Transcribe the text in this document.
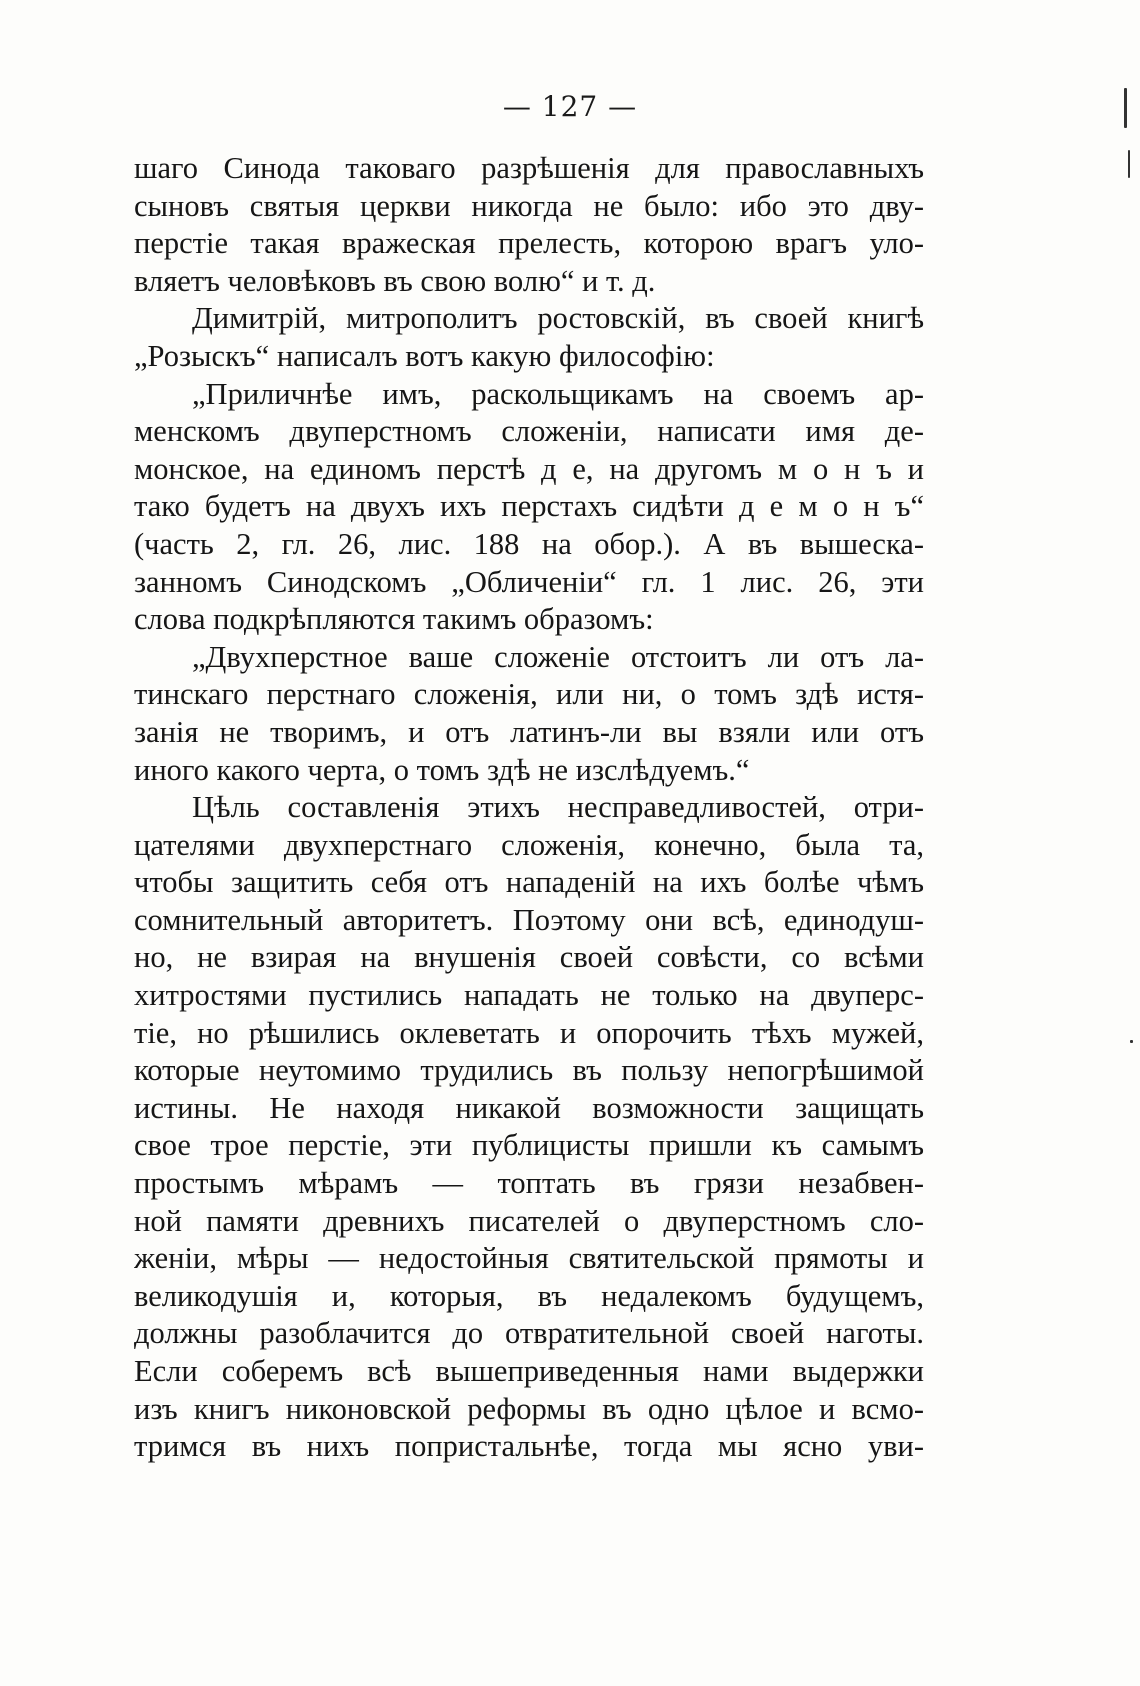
— 127 —

шаго Синода таковаго разрѣшенія для православныхъ
сыновъ святыя церкви никогда не было: ибо это дву-
перстіе такая вражеская прелесть, которою врагъ уло-
вляетъ человѣковъ въ свою волю“ и т. д.

Димитрій, митрополитъ ростовскій, въ своей книгѣ
„Розыскъ“ написалъ вотъ какую философію:

„Приличнѣе имъ, раскольщикамъ на своемъ ар-
менскомъ двуперстномъ сложеніи, написати имя де-
монское, на единомъ перстѣ д е, на другомъ м о н ъ и
тако будетъ на двухъ ихъ перстахъ сидѣти д е м о н ъ“
(часть 2, гл. 26, лис. 188 на обор.). А въ вышеска-
занномъ Синодскомъ „Обличеніи“ гл. 1 лис. 26, эти
слова подкрѣпляются такимъ образомъ:

„Двухперстное ваше сложеніе отстоитъ ли отъ ла-
тинскаго перстнаго сложенія, или ни, о томъ здѣ истя-
занія не творимъ, и отъ латинъ-ли вы взяли или отъ
иного какого черта, о томъ здѣ не изслѣдуемъ.“

Цѣль составленія этихъ несправедливостей, отри-
цателями двухперстнаго сложенія, конечно, была та,
чтобы защитить себя отъ нападеній на ихъ болѣе чѣмъ
сомнительный авторитетъ. Поэтому они всѣ, единодуш-
но, не взирая на внушенія своей совѣсти, со всѣми
хитростями пустились нападать не только на двуперс-
тіе, но рѣшились оклеветать и опорочить тѣхъ мужей,
которые неутомимо трудились въ пользу непогрѣшимой
истины. Не находя никакой возможности защищать
свое трое перстіе, эти публицисты пришли къ самымъ
простымъ мѣрамъ — топтать въ грязи незабвен-
ной памяти древнихъ писателей о двуперстномъ сло-
женіи, мѣры — недостойныя святительской прямоты и
великодушія и, которыя, въ недалекомъ будущемъ,
должны разоблачится до отвратительной своей наготы.
Если соберемъ всѣ вышеприведенныя нами выдержки
изъ книгъ никоновской реформы въ одно цѣлое и всмо-
тримся въ нихъ попристальнѣе, тогда мы ясно уви-
